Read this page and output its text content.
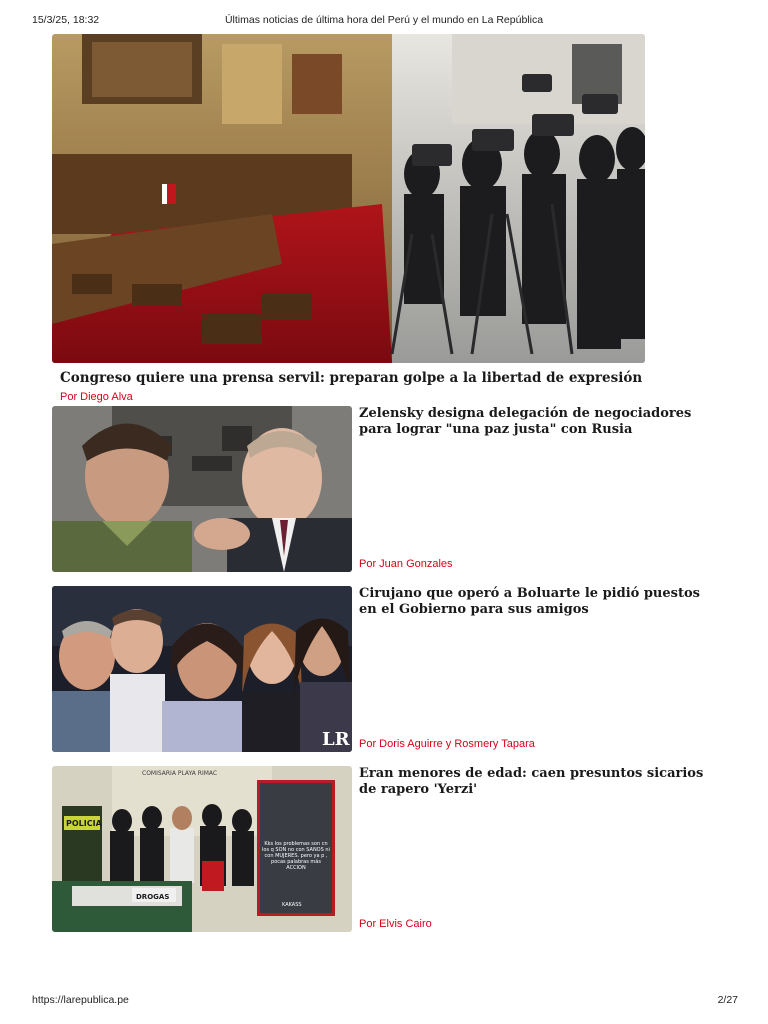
15/3/25, 18:32	Últimas noticias de última hora del Perú y el mundo en La República
Congreso quiere una prensa servil: preparan golpe a la libertad de expresión
Por Diego Alva
Zelensky designa delegación de negociadores para lograr "una paz justa" con Rusia
Por Juan Gonzales
LR
Cirujano que operó a Boluarte le pidió puestos en el Gobierno para sus amigos
Por Doris Aguirre y Rosmery Tapara
COMISARIA PLAYA RIMAC
POLICIA
DROGAS
Kks los problemas son cn los q SON no con SANOS ni con MUJERES. pero ya p , pocas palabras más ACCION
KAKASS
Eran menores de edad: caen presuntos sicarios de rapero 'Yerzi'
Por Elvis Cairo
https://larepublica.pe	2/27
